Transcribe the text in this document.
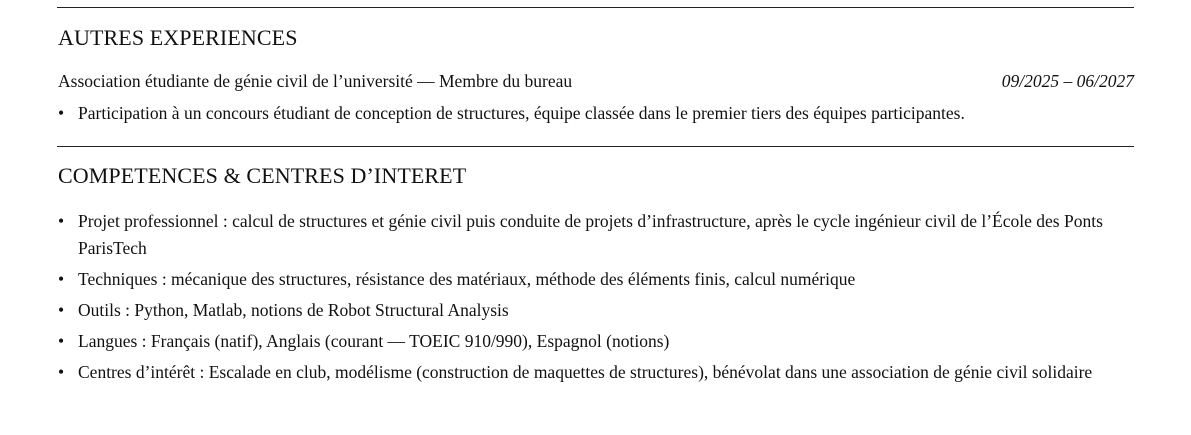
AUTRES EXPERIENCES
Association étudiante de génie civil de l’université — Membre du bureau	09/2025 – 06/2027
• Participation à un concours étudiant de conception de structures, équipe classée dans le premier tiers des équipes participantes.
COMPETENCES & CENTRES D’INTERET
• Projet professionnel : calcul de structures et génie civil puis conduite de projets d’infrastructure, après le cycle ingénieur civil de l’École des Ponts ParisTech
• Techniques : mécanique des structures, résistance des matériaux, méthode des éléments finis, calcul numérique
• Outils : Python, Matlab, notions de Robot Structural Analysis
• Langues : Français (natif), Anglais (courant — TOEIC 910/990), Espagnol (notions)
• Centres d’intérêt : Escalade en club, modélisme (construction de maquettes de structures), bénévolat dans une association de génie civil solidaire
